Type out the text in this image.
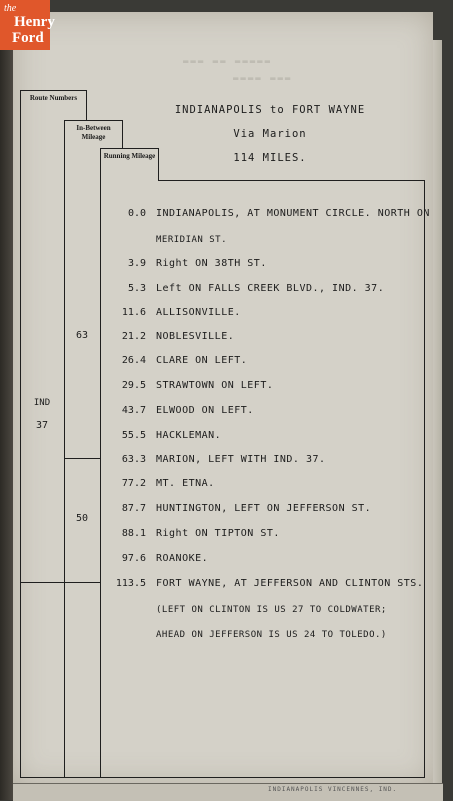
▬▬▬ ▬▬ ▬▬▬▬▬
▬▬▬▬ ▬▬▬
INDIANAPOLIS VINCENNES, IND.
the
Henry
Ford
Route Numbers
In-Between Mileage
Running Mileage
INDIANAPOLIS to FORT WAYNE
Via Marion
114 MILES.
IND
37
63
50
0.0 INDIANAPOLIS, AT MONUMENT CIRCLE. NORTH ON
MERIDIAN ST.
3.9 Right ON 38TH ST.
5.3 Left ON FALLS CREEK BLVD., IND. 37.
11.6 ALLISONVILLE.
21.2 NOBLESVILLE.
26.4 CLARE ON LEFT.
29.5 STRAWTOWN ON LEFT.
43.7 ELWOOD ON LEFT.
55.5 HACKLEMAN.
63.3 MARION, LEFT WITH IND. 37.
77.2 MT. ETNA.
87.7 HUNTINGTON, LEFT ON JEFFERSON ST.
88.1 Right ON TIPTON ST.
97.6 ROANOKE.
113.5 FORT WAYNE, AT JEFFERSON AND CLINTON STS.
(LEFT ON CLINTON IS US 27 TO COLDWATER;
AHEAD ON JEFFERSON IS US 24 TO TOLEDO.)
